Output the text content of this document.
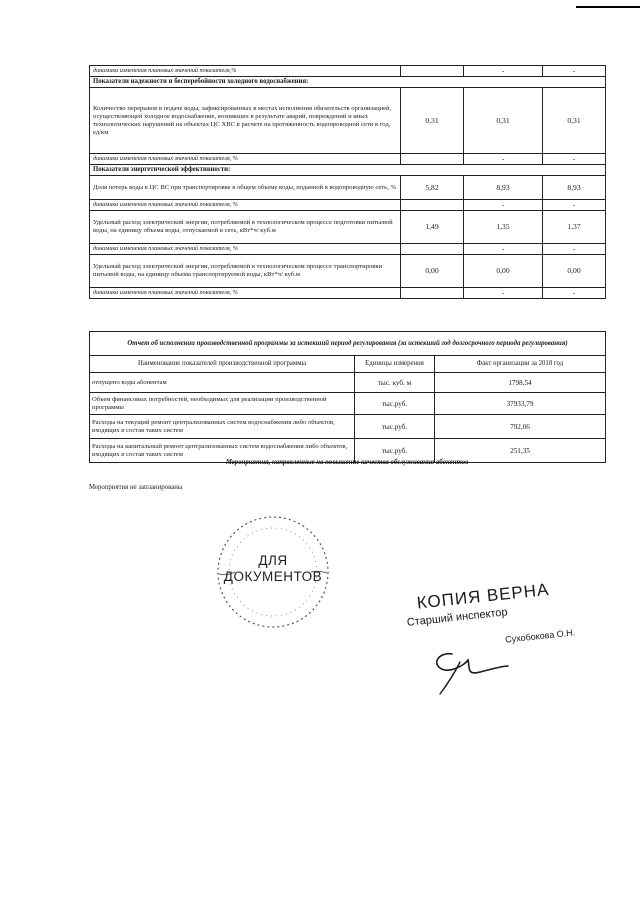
динамика изменения плановых значений показателя,%		-	-
Показатели надежности и бесперебойности холодного водоснабжения:			
Количество перерывов в подаче воды, зафиксированных в местах исполнения обязательств организацией, осуществляющей холодное водоснабжение, возникших в результате аварий, повреждений и иных технологических нарушений на объектах ЦС ХВС в расчете на протяженность водопроводной сети в год, ед/км	0,31	0,31	0,31
динамика изменения плановых значений показателя, %		-	-
Показатели энергетической эффективности:			
Доля потерь воды в ЦС ВС при транспортировке в общем объеме воды, поданной в водопроводную сеть, %	5,82	8,93	8,93
динамика изменения плановых значений показателя, %		-	-
Удельный расход электрической энергии, потребляемой в технологическом процессе подготовки питьевой воды, на единицу объема воды, отпускаемой в сеть, кВт*ч/ куб.м	1,49	1,35	1,37
динамика изменения плановых значений показателя, %		-	-
Удельный расход электрической энергии, потребляемой в технологическом процессе транспортировки питьевой воды, на единицу объема транспортируемой воды, кВт*ч/ куб.м	0,00	0,00	0,00
динамика изменения плановых значений показателя, %		-	-
Отчет об исполнении производственной программы за истекший период регулирования (за истекший год долгосрочного периода регулирования)		
Наименование показателей производственной программы	Единицы измерения	Факт организации за 2018 год
отпущено воды абонентам	тыс. куб. м	1798,54
Объем финансовых потребностей, необходимых для реализации производственной программы	тыс.руб.	37933,79
Расходы на текущий ремонт централизованных систем водоснабжения либо объектов, входящих в состав таких систем	тыс.руб.	792,06
Расходы на капитальный ремонт централизованных систем водоснабжения либо объектов, входящих в состав таких систем	тыс.руб.	251,35
Мероприятия, направленные на повышение качества обслуживания абонентов
Мероприятия не запланированы
ДЛЯ
ДОКУМЕНТОВ
КОПИЯ ВЕРНА
Старший инспектор
Сухобокова О.Н.
